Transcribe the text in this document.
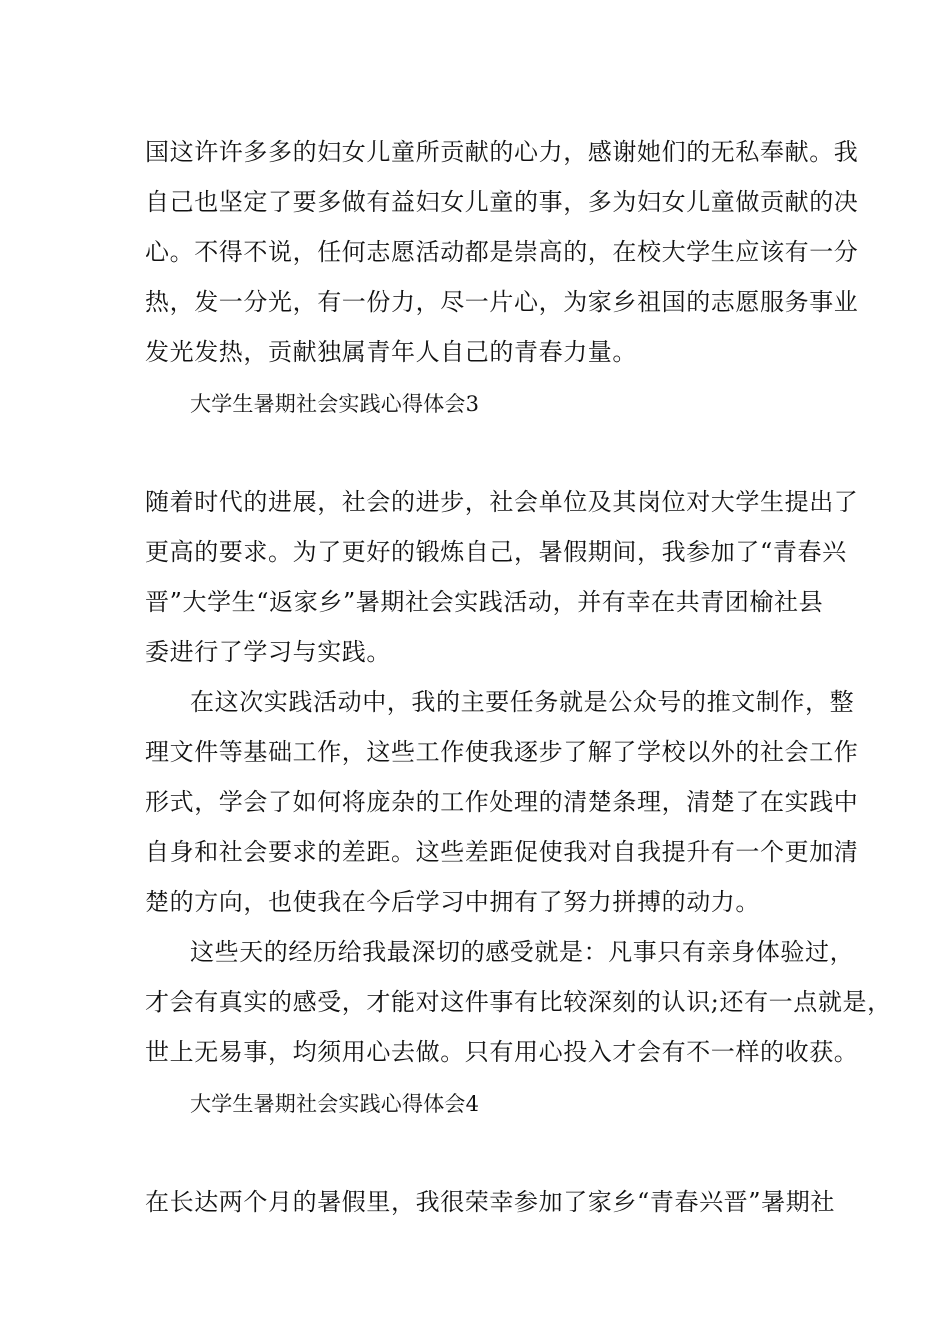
国这许许多多的妇女儿童所贡献的心力，感谢她们的无私奉献。我
自己也坚定了要多做有益妇女儿童的事，多为妇女儿童做贡献的决
心。不得不说，任何志愿活动都是崇高的，在校大学生应该有一分
热，发一分光，有一份力，尽一片心，为家乡祖国的志愿服务事业
发光发热，贡献独属青年人自己的青春力量。
大学生暑期社会实践心得体会3
随着时代的进展，社会的进步，社会单位及其岗位对大学生提出了
更高的要求。为了更好的锻炼自己，暑假期间，我参加了“青春兴
晋”大学生“返家乡”暑期社会实践活动，并有幸在共青团榆社县
委进行了学习与实践。
在这次实践活动中，我的主要任务就是公众号的推文制作，整
理文件等基础工作，这些工作使我逐步了解了学校以外的社会工作
形式，学会了如何将庞杂的工作处理的清楚条理，清楚了在实践中
自身和社会要求的差距。这些差距促使我对自我提升有一个更加清
楚的方向，也使我在今后学习中拥有了努力拼搏的动力。
这些天的经历给我最深切的感受就是：凡事只有亲身体验过，
才会有真实的感受，才能对这件事有比较深刻的认识;还有一点就是，
世上无易事，均须用心去做。只有用心投入才会有不一样的收获。
大学生暑期社会实践心得体会4
在长达两个月的暑假里，我很荣幸参加了家乡“青春兴晋”暑期社
